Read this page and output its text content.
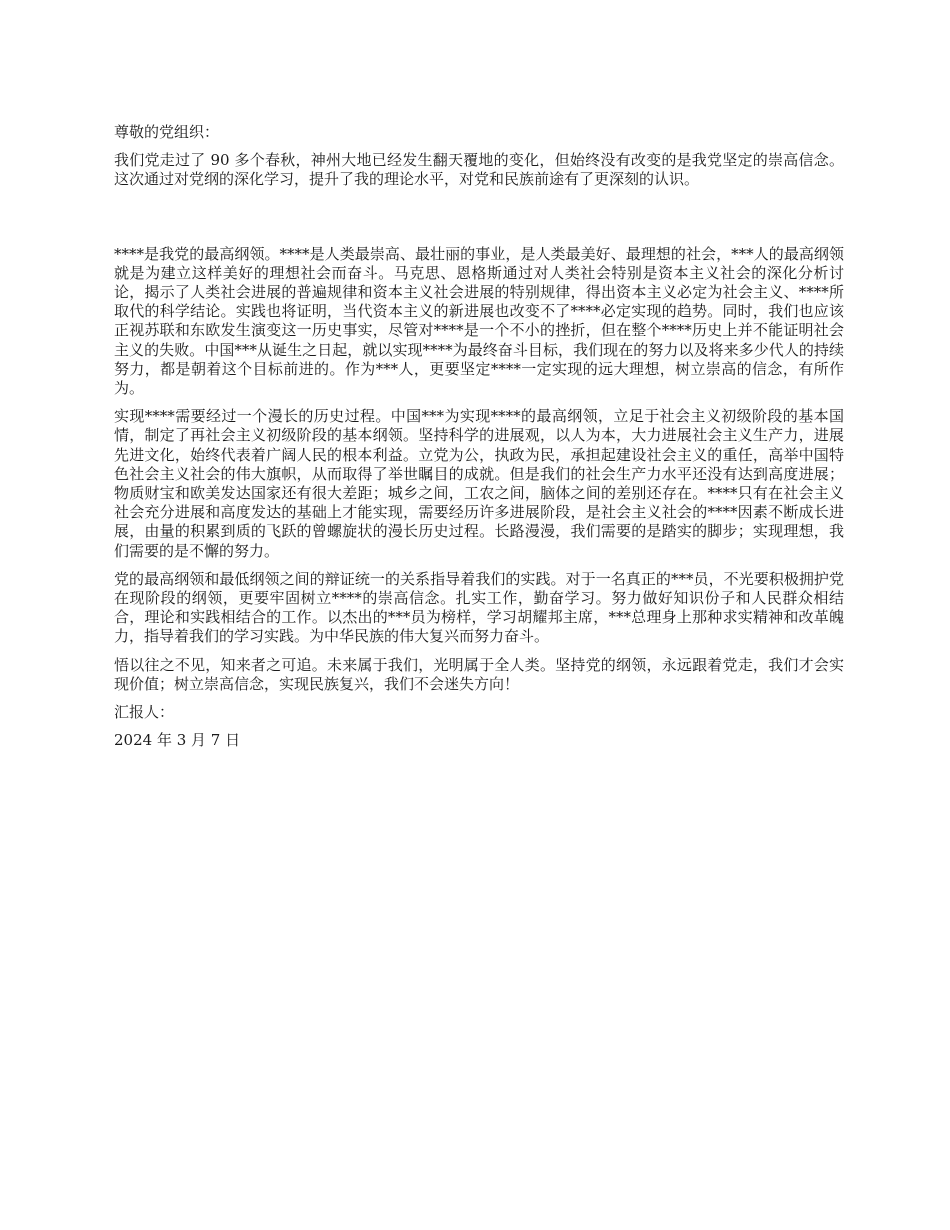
尊敬的党组织：

我们党走过了 90 多个春秋，神州大地已经发生翻天覆地的变化，但始终没有改变的是我党坚定的崇高信念。这次通过对党纲的深化学习，提升了我的理论水平，对党和民族前途有了更深刻的认识。

****是我党的最高纲领。****是人类最崇高、最壮丽的事业，是人类最美好、最理想的社会，***人的最高纲领就是为建立这样美好的理想社会而奋斗。马克思、恩格斯通过对人类社会特别是资本主义社会的深化分析讨论，揭示了人类社会进展的普遍规律和资本主义社会进展的特别规律，得出资本主义必定为社会主义、****所取代的科学结论。实践也将证明，当代资本主义的新进展也改变不了****必定实现的趋势。同时，我们也应该正视苏联和东欧发生演变这一历史事实，尽管对****是一个不小的挫折，但在整个****历史上并不能证明社会主义的失败。中国***从诞生之日起，就以实现****为最终奋斗目标，我们现在的努力以及将来多少代人的持续努力，都是朝着这个目标前进的。作为***人，更要坚定****一定实现的远大理想，树立崇高的信念，有所作为。

实现****需要经过一个漫长的历史过程。中国***为实现****的最高纲领，立足于社会主义初级阶段的基本国情，制定了再社会主义初级阶段的基本纲领。坚持科学的进展观，以人为本，大力进展社会主义生产力，进展先进文化，始终代表着广阔人民的根本利益。立党为公，执政为民，承担起建设社会主义的重任，高举中国特色社会主义社会的伟大旗帜，从而取得了举世瞩目的成就。但是我们的社会生产力水平还没有达到高度进展；物质财宝和欧美发达国家还有很大差距；城乡之间，工农之间，脑体之间的差别还存在。****只有在社会主义社会充分进展和高度发达的基础上才能实现，需要经历许多进展阶段，是社会主义社会的****因素不断成长进展，由量的积累到质的飞跃的曾螺旋状的漫长历史过程。长路漫漫，我们需要的是踏实的脚步；实现理想，我们需要的是不懈的努力。

党的最高纲领和最低纲领之间的辩证统一的关系指导着我们的实践。对于一名真正的***员，不光要积极拥护党在现阶段的纲领，更要牢固树立****的崇高信念。扎实工作，勤奋学习。努力做好知识份子和人民群众相结合，理论和实践相结合的工作。以杰出的***员为榜样，学习胡耀邦主席，***总理身上那种求实精神和改革魄力，指导着我们的学习实践。为中华民族的伟大复兴而努力奋斗。

悟以往之不见，知来者之可追。未来属于我们，光明属于全人类。坚持党的纲领，永远跟着党走，我们才会实现价值；树立崇高信念，实现民族复兴，我们不会迷失方向！

汇报人：

2024 年 3 月 7 日
